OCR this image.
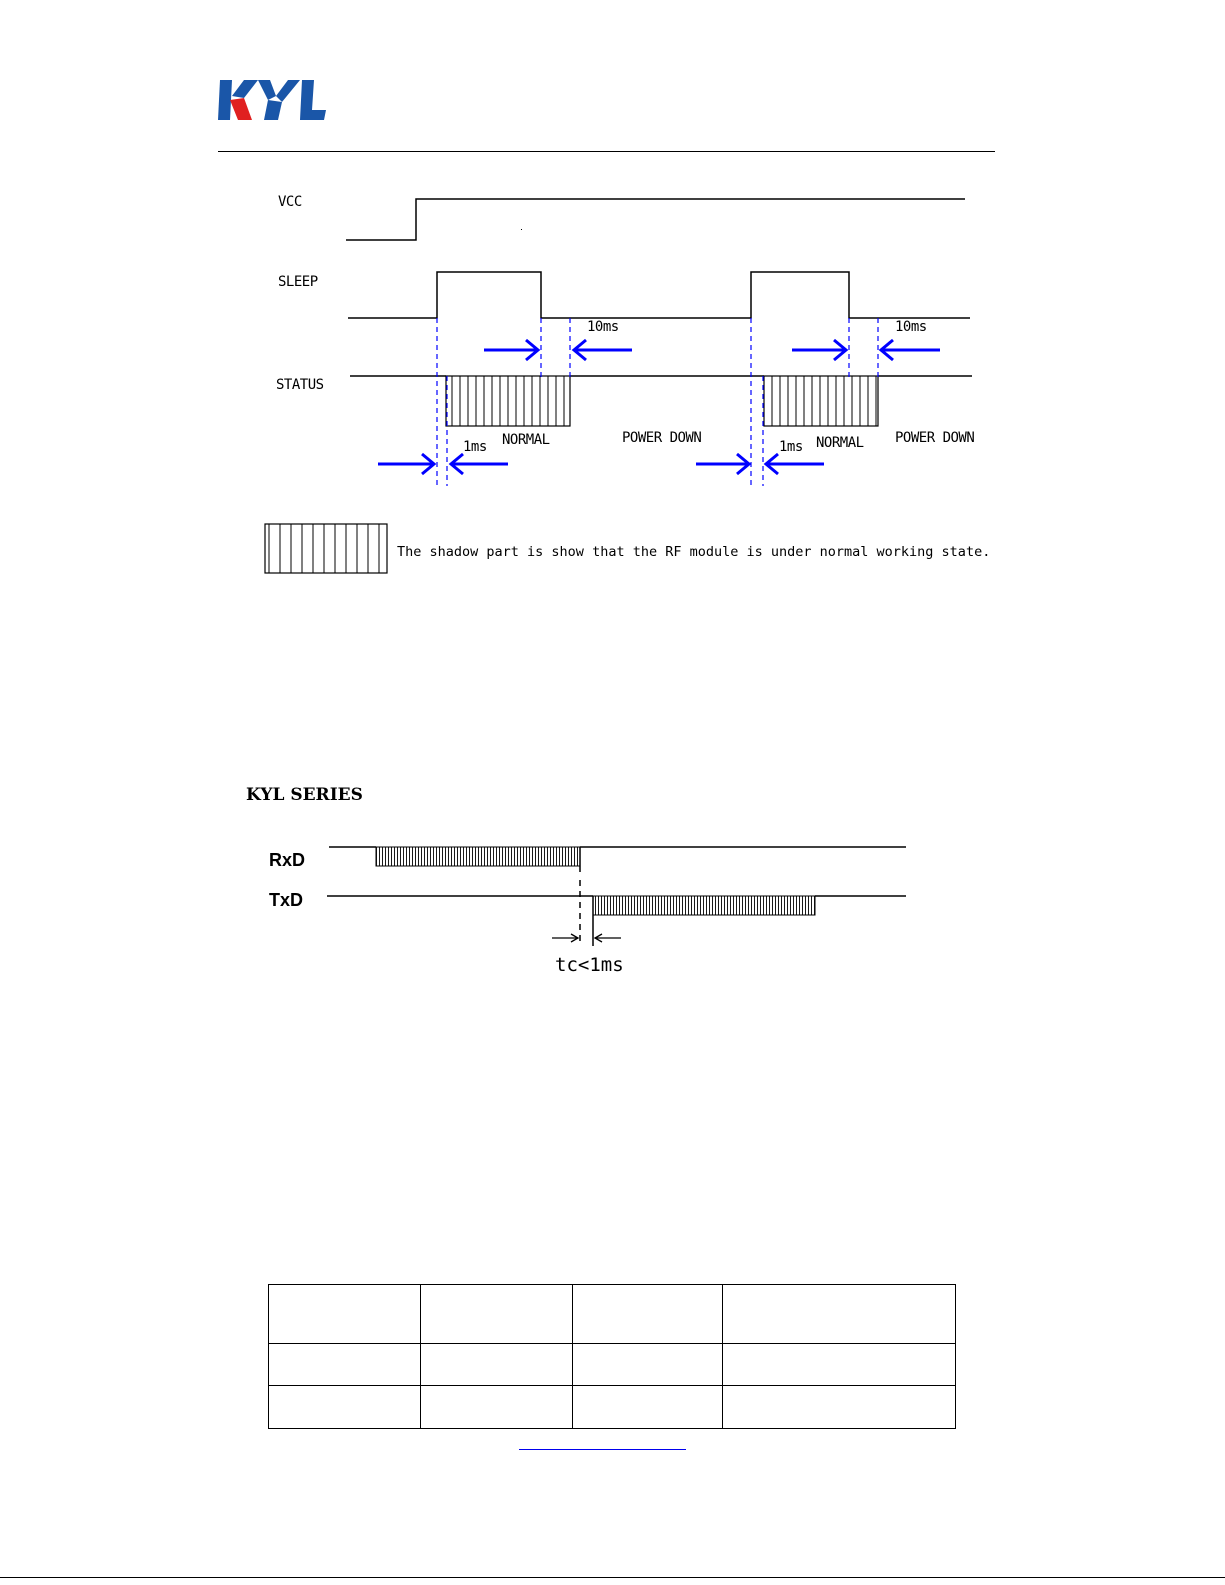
VCC
SLEEP
STATUS
10ms	10ms
1ms	1ms
NORMAL	NORMAL
POWER DOWN	POWER DOWN
The shadow part is show that the RF module is under normal working state.
KYL SERIES
RxD
TxD
tc<1ms
